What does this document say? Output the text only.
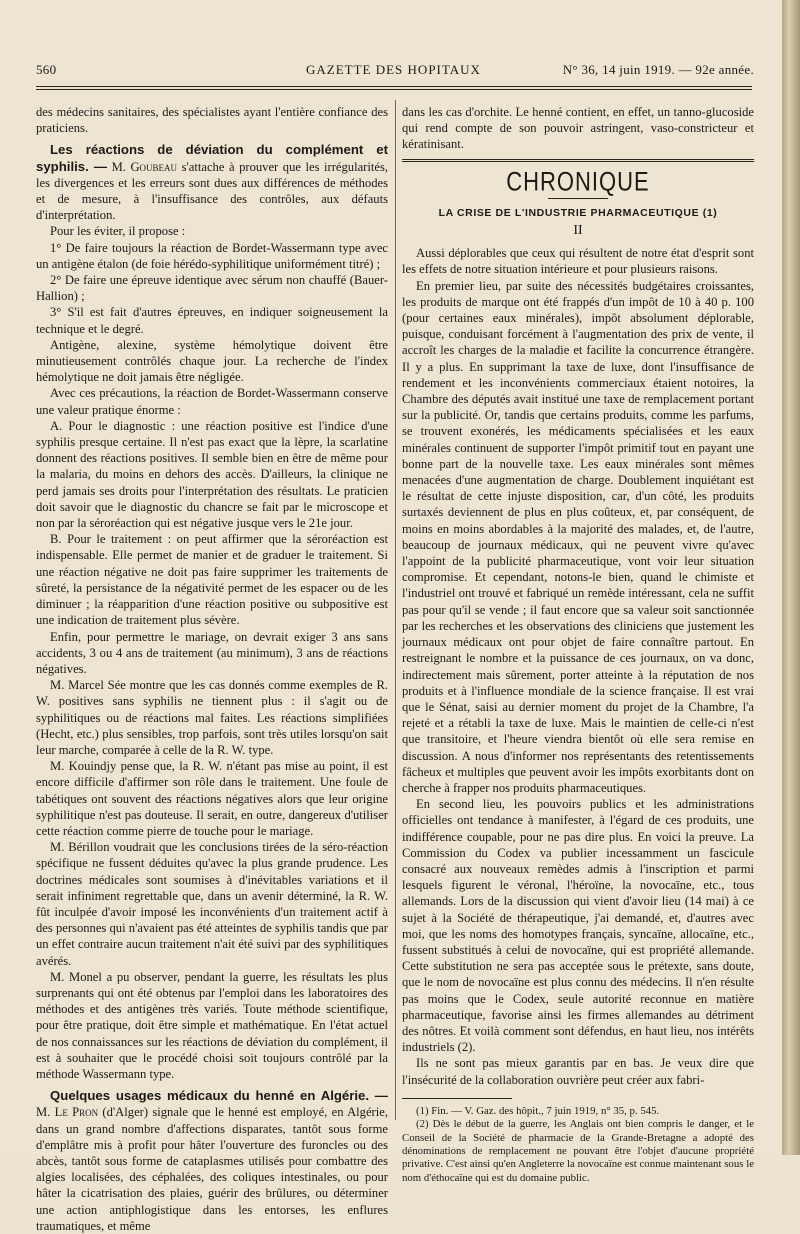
560	GAZETTE DES HOPITAUX	N° 36, 14 juin 1919. — 92e année.

des médecins sanitaires, des spécialistes ayant l'entière confiance des praticiens.

Les réactions de déviation du complément et syphilis. — M. Goubeau s'attache à prouver que les irrégularités, les divergences et les erreurs sont dues aux différences de méthodes et de mesure, à l'insuffisance des contrôles, aux défauts d'interprétation.

Pour les éviter, il propose :

1° De faire toujours la réaction de Bordet-Wassermann type avec un antigène étalon (de foie hérédo-syphilitique uniformément titré) ;

2° De faire une épreuve identique avec sérum non chauffé (Bauer-Hallion) ;

3° S'il est fait d'autres épreuves, en indiquer soigneusement la technique et le degré.

Antigène, alexine, système hémolytique doivent être minutieusement contrôlés chaque jour. La recherche de l'index hémolytique ne doit jamais être négligée.

Avec ces précautions, la réaction de Bordet-Wassermann conserve une valeur pratique énorme :

A. Pour le diagnostic : une réaction positive est l'indice d'une syphilis presque certaine. Il n'est pas exact que la lèpre, la scarlatine donnent des réactions positives. Il semble bien en être de même pour la malaria, du moins en dehors des accès. D'ailleurs, la clinique ne perd jamais ses droits pour l'interprétation des résultats. Le praticien doit savoir que le diagnostic du chancre se fait par le microscope et non par la séroréaction qui est négative jusque vers le 21e jour.

B. Pour le traitement : on peut affirmer que la séroréaction est indispensable. Elle permet de manier et de graduer le traitement. Si une réaction négative ne doit pas faire supprimer les traitements de sûreté, la persistance de la négativité permet de les espacer ou de les diminuer ; la réapparition d'une réaction positive ou subpositive est une indication de traitement plus sévère.

Enfin, pour permettre le mariage, on devrait exiger 3 ans sans accidents, 3 ou 4 ans de traitement (au minimum), 3 ans de réactions négatives.

M. Marcel Sée montre que les cas donnés comme exemples de R. W. positives sans syphilis ne tiennent plus : il s'agit ou de syphilitiques ou de réactions mal faites. Les réactions simplifiées (Hecht, etc.) plus sensibles, trop parfois, sont très utiles lorsqu'on sait leur marche, comparée à celle de la R. W. type.

M. Kouindjy pense que, la R. W. n'étant pas mise au point, il est encore difficile d'affirmer son rôle dans le traitement. Une foule de tabétiques ont souvent des réactions négatives alors que leur origine syphilitique n'est pas douteuse. Il serait, en outre, dangereux d'utiliser cette réaction comme pierre de touche pour le mariage.

M. Bérillon voudrait que les conclusions tirées de la séro-réaction spécifique ne fussent déduites qu'avec la plus grande prudence. Les doctrines médicales sont soumises à d'inévitables variations et il serait infiniment regrettable que, dans un avenir déterminé, la R. W. fût inculpée d'avoir imposé les inconvénients d'un traitement actif à des personnes qui n'avaient pas été atteintes de syphilis tandis que par un effet contraire aucun traitement n'ait été suivi par des syphilitiques avérés.

M. Monel a pu observer, pendant la guerre, les résultats les plus surprenants qui ont été obtenus par l'emploi dans les laboratoires des méthodes et des antigènes très variés. Toute méthode scientifique, pour être pratique, doit être simple et mathématique. En l'état actuel de nos connaissances sur les réactions de déviation du complément, il est à souhaiter que le procédé choisi soit toujours contrôlé par la méthode Wassermann type.

Quelques usages médicaux du henné en Algérie. — M. Le Pron (d'Alger) signale que le henné est employé, en Algérie, dans un grand nombre d'affections disparates, tantôt sous forme d'emplâtre mis à profit pour hâter l'ouverture des furoncles ou des abcès, tantôt sous forme de cataplasmes utilisés pour combattre des algies localisées, des céphalées, des coliques intestinales, ou pour hâter la cicatrisation des plaies, guérir des brûlures, ou déterminer une action antiphlogistique dans les entorses, les enflures traumatiques, et même

dans les cas d'orchite. Le henné contient, en effet, un tanno-glucoside qui rend compte de son pouvoir astringent, vaso-constricteur et kératinisant.

CHRONIQUE
LA CRISE DE L'INDUSTRIE PHARMACEUTIQUE (1)
II

Aussi déplorables que ceux qui résultent de notre état d'esprit sont les effets de notre situation intérieure et pour plusieurs raisons.

En premier lieu, par suite des nécessités budgétaires croissantes, les produits de marque ont été frappés d'un impôt de 10 à 40 p. 100 (pour certaines eaux minérales), impôt absolument déplorable, puisque, conduisant forcément à l'augmentation des prix de vente, il accroît les charges de la maladie et facilite la concurrence étrangère. Il y a plus. En supprimant la taxe de luxe, dont l'insuffisance de rendement et les inconvénients commerciaux étaient notoires, la Chambre des députés avait institué une taxe de remplacement portant sur la publicité. Or, tandis que certains produits, comme les parfums, se trouvent exonérés, les médicaments spécialisées et les eaux minérales continuent de supporter l'impôt primitif tout en payant une bonne part de la nouvelle taxe. Les eaux minérales sont mêmes menacées d'une augmentation de charge. Doublement inquiétant est le résultat de cette injuste disposition, car, d'un côté, les produits surtaxés deviennent de plus en plus coûteux, et, par conséquent, de moins en moins abordables à la majorité des malades, et, de l'autre, beaucoup de journaux médicaux, qui ne peuvent vivre qu'avec l'appoint de la publicité pharmaceutique, vont voir leur situation compromise. Et cependant, notons-le bien, quand le chimiste et l'industriel ont trouvé et fabriqué un remède intéressant, cela ne suffit pas pour qu'il se vende ; il faut encore que sa valeur soit sanctionnée par les recherches et les observations des cliniciens que justement les journaux médicaux ont pour objet de faire connaître partout. En restreignant le nombre et la puissance de ces journaux, on va donc, indirectement mais sûrement, porter atteinte à la réputation de nos produits et à l'influence mondiale de la science française. Il est vrai que le Sénat, saisi au dernier moment du projet de la Chambre, l'a rejeté et a rétabli la taxe de luxe. Mais le maintien de celle-ci n'est que transitoire, et l'heure viendra bientôt où elle sera remise en discussion. A nous d'informer nos représentants des retentissements fâcheux et multiples que peuvent avoir les impôts exorbitants dont on cherche à frapper nos produits pharmaceutiques.

En second lieu, les pouvoirs publics et les administrations officielles ont tendance à manifester, à l'égard de ces produits, une indifférence coupable, pour ne pas dire plus. En voici la preuve. La Commission du Codex va publier incessamment un fascicule consacré aux nouveaux remèdes admis à l'inscription et parmi lesquels figurent le véronal, l'héroïne, la novocaïne, etc., tous allemands. Lors de la discussion qui vient d'avoir lieu (14 mai) à ce sujet à la Société de thérapeutique, j'ai demandé, et, d'autres avec moi, que les noms des homotypes français, syncaïne, allocaïne, etc., fussent substitués à celui de novocaïne, qui est propriété allemande. Cette substitution ne sera pas acceptée sous le prétexte, sans doute, que le nom de novocaïne est plus connu des médecins. Il n'en résulte pas moins que le Codex, seule autorité reconnue en matière pharmaceutique, favorise ainsi les firmes allemandes au détriment des nôtres. Et voilà comment sont défendus, en haut lieu, nos intérêts industriels (2).

Ils ne sont pas mieux garantis par en bas. Je veux dire que l'insécurité de la collaboration ouvrière peut créer aux fabri-

(1) Fin. — V. Gaz. des hôpit., 7 juin 1919, n° 35, p. 545.

(2) Dès le début de la guerre, les Anglais ont bien compris le danger, et le Conseil de la Société de pharmacie de la Grande-Bretagne a adopté des dénominations de remplacement ne pouvant être l'objet d'aucune propriété privative. C'est ainsi qu'en Angleterre la novocaïne est connue maintenant sous le nom d'éthocaïne qui est du domaine public.
